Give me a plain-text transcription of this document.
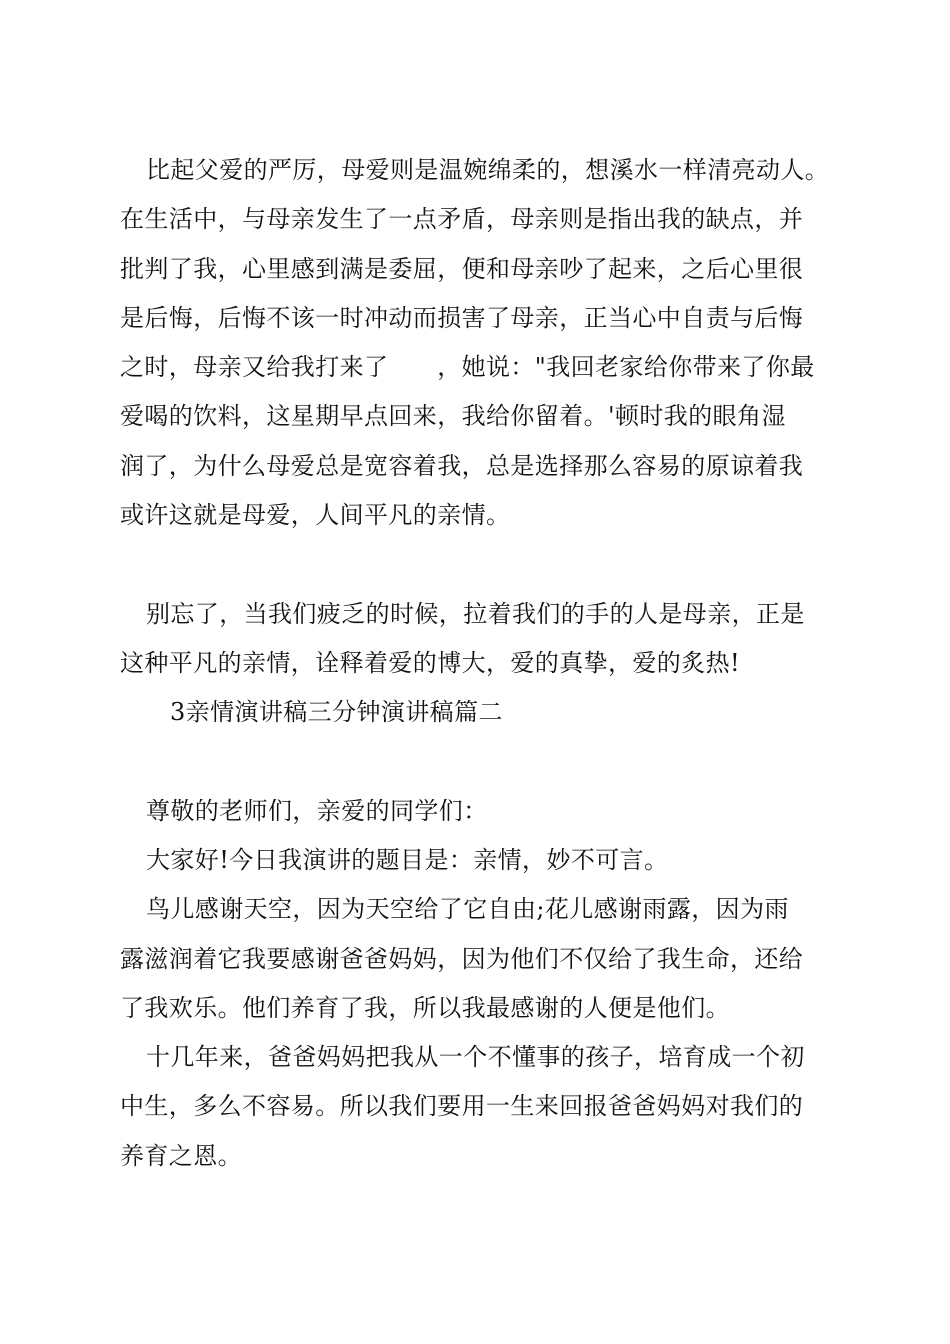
比起父爱的严厉，母爱则是温婉绵柔的，想溪水一样清亮动人。
在生活中，与母亲发生了一点矛盾，母亲则是指出我的缺点，并
批判了我，心里感到满是委屈，便和母亲吵了起来，之后心里很
是后悔，后悔不该一时冲动而损害了母亲，正当心中自责与后悔
之时，母亲又给我打来了　　，她说："我回老家给你带来了你最
爱喝的饮料，这星期早点回来，我给你留着。'顿时我的眼角湿
润了，为什么母爱总是宽容着我，总是选择那么容易的原谅着我
或许这就是母爱，人间平凡的亲情。
别忘了，当我们疲乏的时候，拉着我们的手的人是母亲，正是
这种平凡的亲情，诠释着爱的博大，爱的真挚，爱的炙热!
3亲情演讲稿三分钟演讲稿篇二
尊敬的老师们，亲爱的同学们：
大家好!今日我演讲的题目是：亲情，妙不可言。
鸟儿感谢天空，因为天空给了它自由;花儿感谢雨露，因为雨
露滋润着它我要感谢爸爸妈妈，因为他们不仅给了我生命，还给
了我欢乐。他们养育了我，所以我最感谢的人便是他们。
十几年来，爸爸妈妈把我从一个不懂事的孩子，培育成一个初
中生，多么不容易。所以我们要用一生来回报爸爸妈妈对我们的
养育之恩。
